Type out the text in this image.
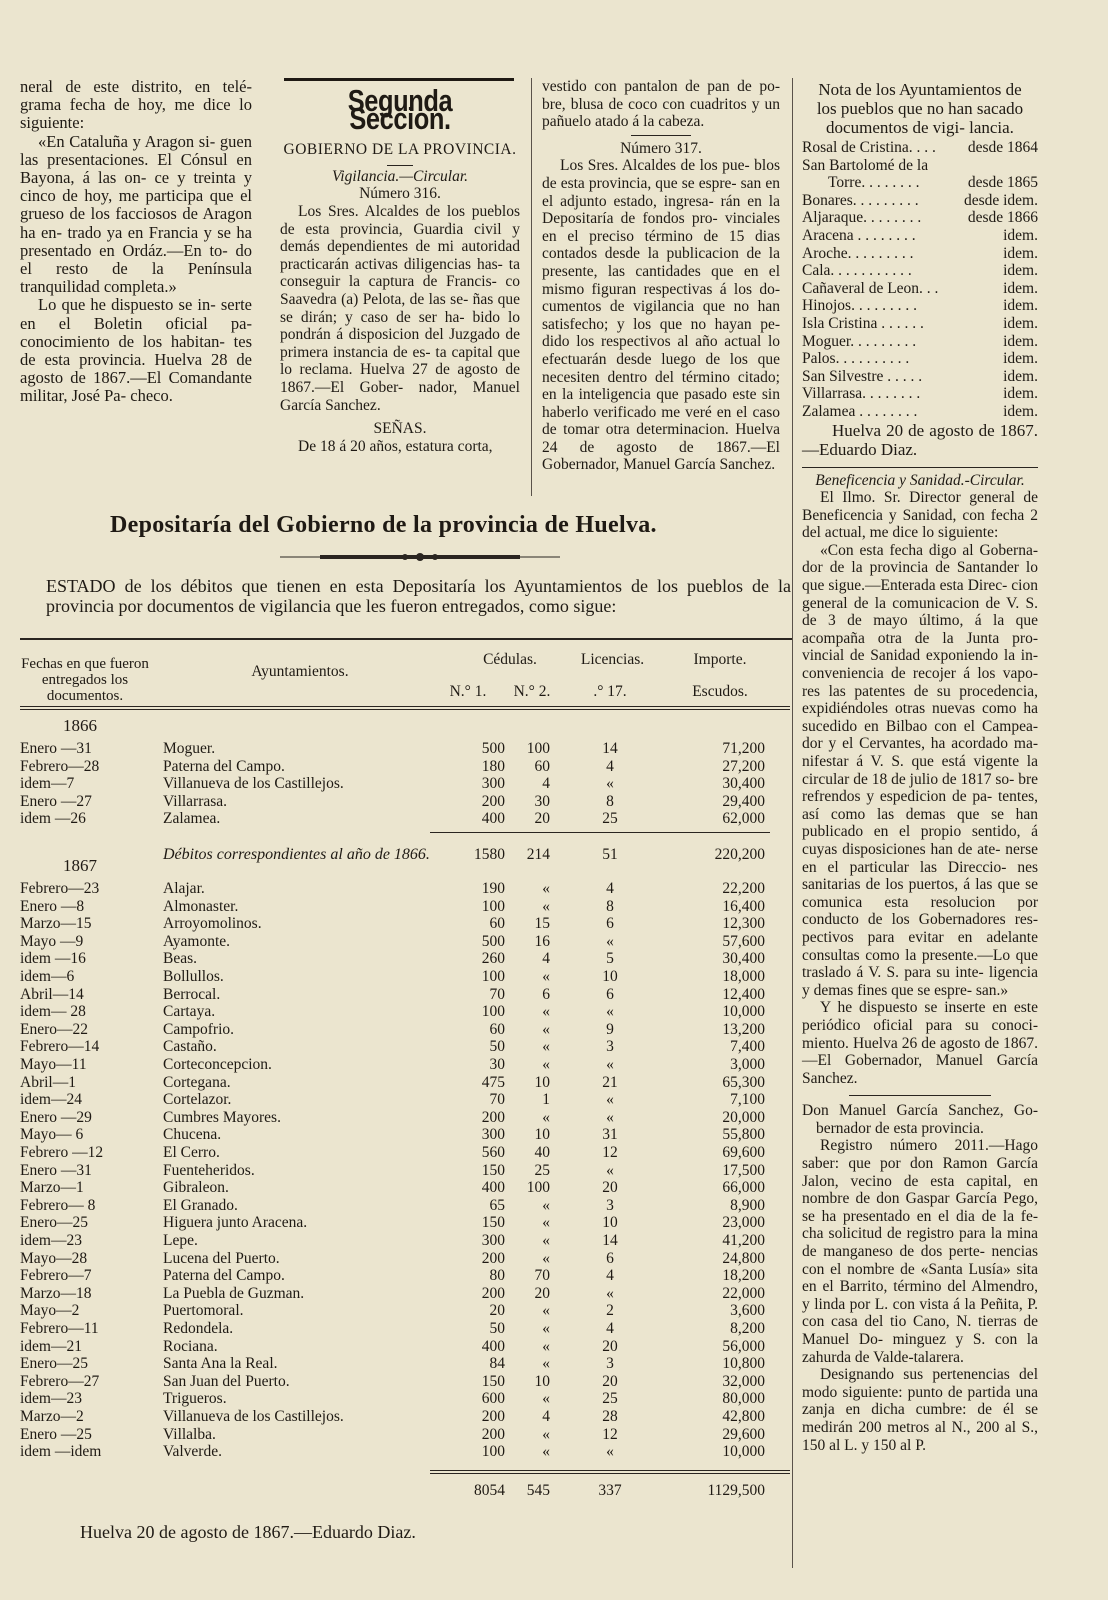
neral de este distrito, en telé- grama fecha de hoy, me dice lo siguiente:

«En Cataluña y Aragon si- guen las presentaciones. El Cónsul en Bayona, á las on- ce y treinta y cinco de hoy, me participa que el grueso de los facciosos de Aragon ha en- trado ya en Francia y se ha presentado en Ordáz.—En to- do el resto de la Península tranquilidad completa.»

Lo que he dispuesto se in- serte en el Boletin oficial pa- conocimiento de los habitan- tes de esta provincia. Huelva 28 de agosto de 1867.—El Comandante militar, José Pa- checo.

Segunda Seccion.

GOBIERNO DE LA PROVINCIA.

Vigilancia.—Circular.

Número 316.

Los Sres. Alcaldes de los pueblos de esta provincia, Guardia civil y demás dependientes de mi autoridad practicarán activas diligencias has- ta conseguir la captura de Francis- co Saavedra (a) Pelota, de las se- ñas que se dirán; y caso de ser ha- bido lo pondrán á disposicion del Juzgado de primera instancia de es- ta capital que lo reclama. Huelva 27 de agosto de 1867.—El Gober- nador, Manuel García Sanchez.

SEÑAS.

De 18 á 20 años, estatura corta,

vestido con pantalon de pan de po- bre, blusa de coco con cuadritos y un pañuelo atado á la cabeza.

Número 317.

Los Sres. Alcaldes de los pue- blos de esta provincia, que se espre- san en el adjunto estado, ingresa- rán en la Depositaría de fondos pro- vinciales en el preciso término de 15 dias contados desde la publicacion de la presente, las cantidades que en el mismo figuran respectivas á los do- cumentos de vigilancia que no han satisfecho; y los que no hayan pe- dido los respectivos al año actual lo efectuarán desde luego de los que necesiten dentro del término citado; en la inteligencia que pasado este sin haberlo verificado me veré en el caso de tomar otra determinacion. Huelva 24 de agosto de 1867.—El Gobernador, Manuel García Sanchez.

Nota de los Ayuntamientos de los pueblos que no han sacado documentos de vigi- lancia.

Rosal de Cristina. . . . desde 1864
San Bartolomé de la
Torre. . . . . . . .	desde 1865
Bonares. . . . . . . . .	desde idem.
Aljaraque. . . . . . . .	desde 1866
Aracena . . . . . . . .	idem.
Aroche. . . . . . . . .	idem.
Cala. . . . . . . . . . .	idem.
Cañaveral de Leon. . .	idem.
Hinojos. . . . . . . . .	idem.
Isla Cristina . . . . . .	idem.
Moguer. . . . . . . . .	idem.
Palos. . . . . . . . . .	idem.
San Silvestre . . . . .	idem.
Villarrasa. . . . . . . .	idem.
Zalamea . . . . . . . .	idem.

Huelva 20 de agosto de 1867.—Eduardo Diaz.

Beneficencia y Sanidad.-Circular.

El Ilmo. Sr. Director general de Beneficencia y Sanidad, con fecha 2 del actual, me dice lo siguiente:

«Con esta fecha digo al Goberna- dor de la provincia de Santander lo que sigue.—Enterada esta Direc- cion general de la comunicacion de V. S. de 3 de mayo último, á la que acompaña otra de la Junta pro- vincial de Sanidad exponiendo la in- conveniencia de recojer á los vapo- res las patentes de su procedencia, expidiéndoles otras nuevas como ha sucedido en Bilbao con el Campea- dor y el Cervantes, ha acordado ma- nifestar á V. S. que está vigente la circular de 18 de julio de 1817 so- bre refrendos y espedicion de pa- tentes, así como las demas que se han publicado en el propio sentido, á cuyas disposiciones han de ate- nerse en el particular las Direccio- nes sanitarias de los puertos, á las que se comunica esta resolucion por conducto de los Gobernadores res- pectivos para evitar en adelante consultas como la presente.—Lo que traslado á V. S. para su inte- ligencia y demas fines que se espre- san.»

Y he dispuesto se inserte en este periódico oficial para su conoci- miento. Huelva 26 de agosto de 1867.—El Gobernador, Manuel García Sanchez.

Don Manuel García Sanchez, Go- bernador de esta provincia.

Registro número 2011.—Hago saber: que por don Ramon García Jalon, vecino de esta capital, en nombre de don Gaspar García Pego, se ha presentado en el dia de la fe- cha solicitud de registro para la mina de manganeso de dos perte- nencias con el nombre de «Santa Lusía» sita en el Barrito, término del Almendro, y linda por L. con vista á la Peñita, P. con casa del tio Cano, N. tierras de Manuel Do- minguez y S. con la zahurda de Valde-talarera.

Designando sus pertenencias del modo siguiente: punto de partida una zanja en dicha cumbre: de él se medirán 200 metros al N., 200 al S., 150 al L. y 150 al P.

Depositaría del Gobierno de la provincia de Huelva.
ESTADO de los débitos que tienen en esta Depositaría los Ayuntamientos de los pueblos de la provincia por documentos de vigilancia que les fueron entregados, como sigue:
Fechas en que fueron entregados los documentos.
Ayuntamientos.
Cédulas.
N.° 1.	N.° 2.
Licencias.
.° 17.
Importe.
Escudos.
1866
Enero —31	Moguer.	500	100	14	71,200
Febrero—28	Paterna del Campo.	180	60	4	27,200
idem—7	Villanueva de los Castillejos.	300	4	«	30,400
Enero —27	Villarrasa.	200	30	8	29,400
idem —26	Zalamea.	400	20	25	62,000
Débitos correspondientes al año de 1866.	1580	214	51	220,200
1867
Febrero—23	Alajar.	190	«	4	22,200
Enero —8	Almonaster.	100	«	8	16,400
Marzo—15	Arroyomolinos.	60	15	6	12,300
Mayo —9	Ayamonte.	500	16	«	57,600
idem —16	Beas.	260	4	5	30,400
idem—6	Bollullos.	100	«	10	18,000
Abril—14	Berrocal.	70	6	6	12,400
idem— 28	Cartaya.	100	«	«	10,000
Enero—22	Campofrio.	60	«	9	13,200
Febrero—14	Castaño.	50	«	3	7,400
Mayo—11	Corteconcepcion.	30	«	«	3,000
Abril—1	Cortegana.	475	10	21	65,300
idem—24	Cortelazor.	70	1	«	7,100
Enero —29	Cumbres Mayores.	200	«	«	20,000
Mayo— 6	Chucena.	300	10	31	55,800
Febrero —12	El Cerro.	560	40	12	69,600
Enero —31	Fuenteheridos.	150	25	«	17,500
Marzo—1	Gibraleon.	400	100	20	66,000
Febrero— 8	El Granado.	65	«	3	8,900
Enero—25	Higuera junto Aracena.	150	«	10	23,000
idem—23	Lepe.	300	«	14	41,200
Mayo—28	Lucena del Puerto.	200	«	6	24,800
Febrero—7	Paterna del Campo.	80	70	4	18,200
Marzo—18	La Puebla de Guzman.	200	20	«	22,000
Mayo—2	Puertomoral.	20	«	2	3,600
Febrero—11	Redondela.	50	«	4	8,200
idem—21	Rociana.	400	«	20	56,000
Enero—25	Santa Ana la Real.	84	«	3	10,800
Febrero—27	San Juan del Puerto.	150	10	20	32,000
idem—23	Trigueros.	600	«	25	80,000
Marzo—2	Villanueva de los Castillejos.	200	4	28	42,800
Enero —25	Villalba.	200	«	12	29,600
idem —idem	Valverde.	100	«	«	10,000
8054	545	337	1129,500
Huelva 20 de agosto de 1867.—Eduardo Diaz.
